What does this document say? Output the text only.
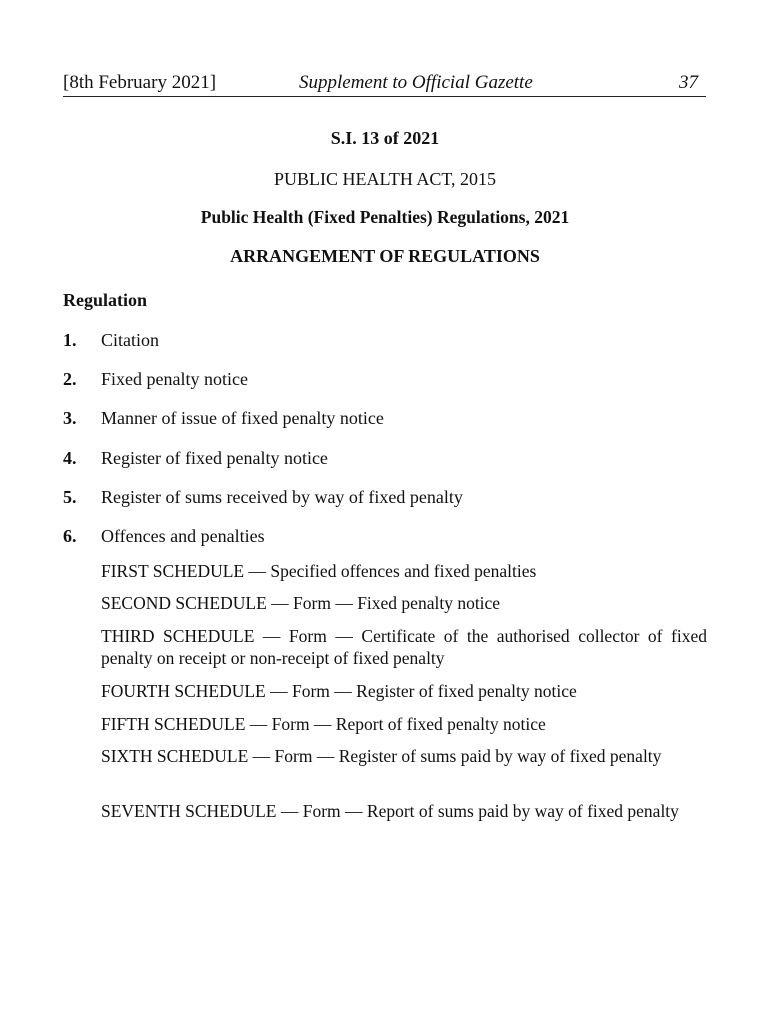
[8th February 2021]	Supplement to Official Gazette	37
S.I. 13 of 2021
PUBLIC HEALTH ACT, 2015
Public Health (Fixed Penalties) Regulations, 2021
ARRANGEMENT OF REGULATIONS
Regulation
1. Citation
2. Fixed penalty notice
3. Manner of issue of fixed penalty notice
4. Register of fixed penalty notice
5. Register of sums received by way of fixed penalty
6. Offences and penalties
FIRST SCHEDULE — Specified offences and fixed penalties
SECOND SCHEDULE — Form — Fixed penalty notice
THIRD SCHEDULE — Form — Certificate of the authorised collector of fixed penalty on receipt or non-receipt of fixed penalty
FOURTH SCHEDULE — Form — Register of fixed penalty notice
FIFTH SCHEDULE — Form — Report of fixed penalty notice
SIXTH SCHEDULE — Form — Register of sums paid by way of fixed penalty
SEVENTH SCHEDULE — Form — Report of sums paid by way of fixed penalty
